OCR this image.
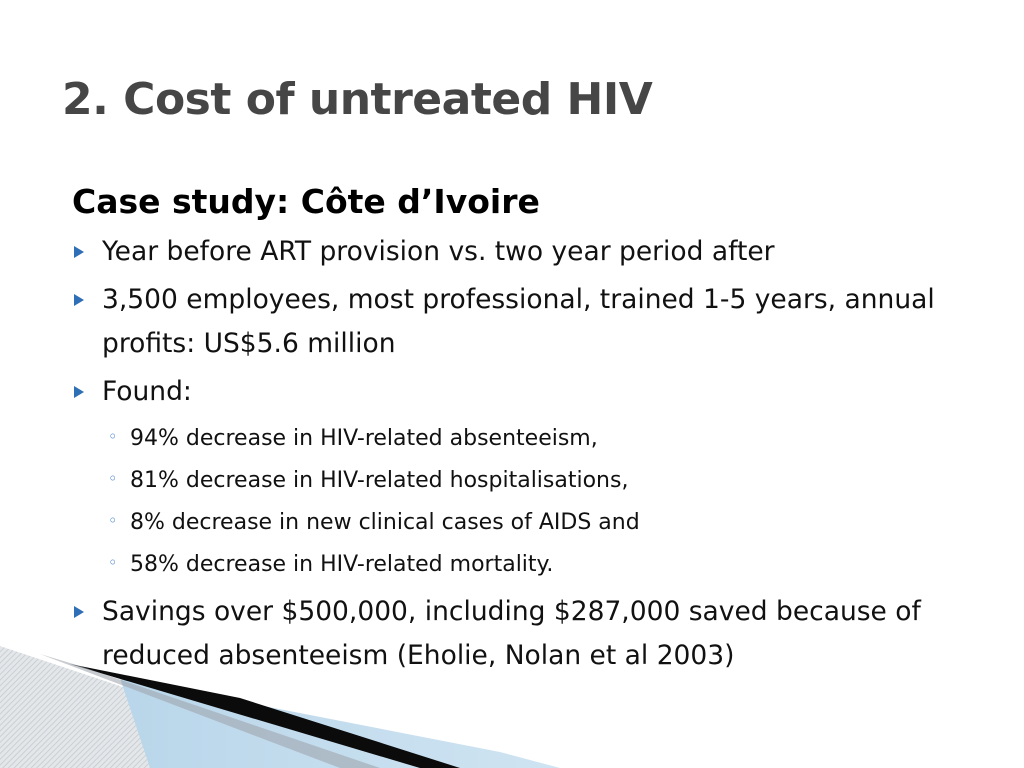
2. Cost of untreated HIV
Case study: Côte d’Ivoire
Year before ART provision vs. two year period after
3,500 employees, most professional, trained 1-5 years, annual profits: US$5.6 million
Found:
◦ 94% decrease in HIV-related absenteeism,
◦ 81% decrease in HIV-related hospitalisations,
◦ 8% decrease in new clinical cases of AIDS and
◦ 58% decrease in HIV-related mortality.
Savings over $500,000, including $287,000 saved because of reduced absenteeism (Eholie, Nolan et al 2003)
